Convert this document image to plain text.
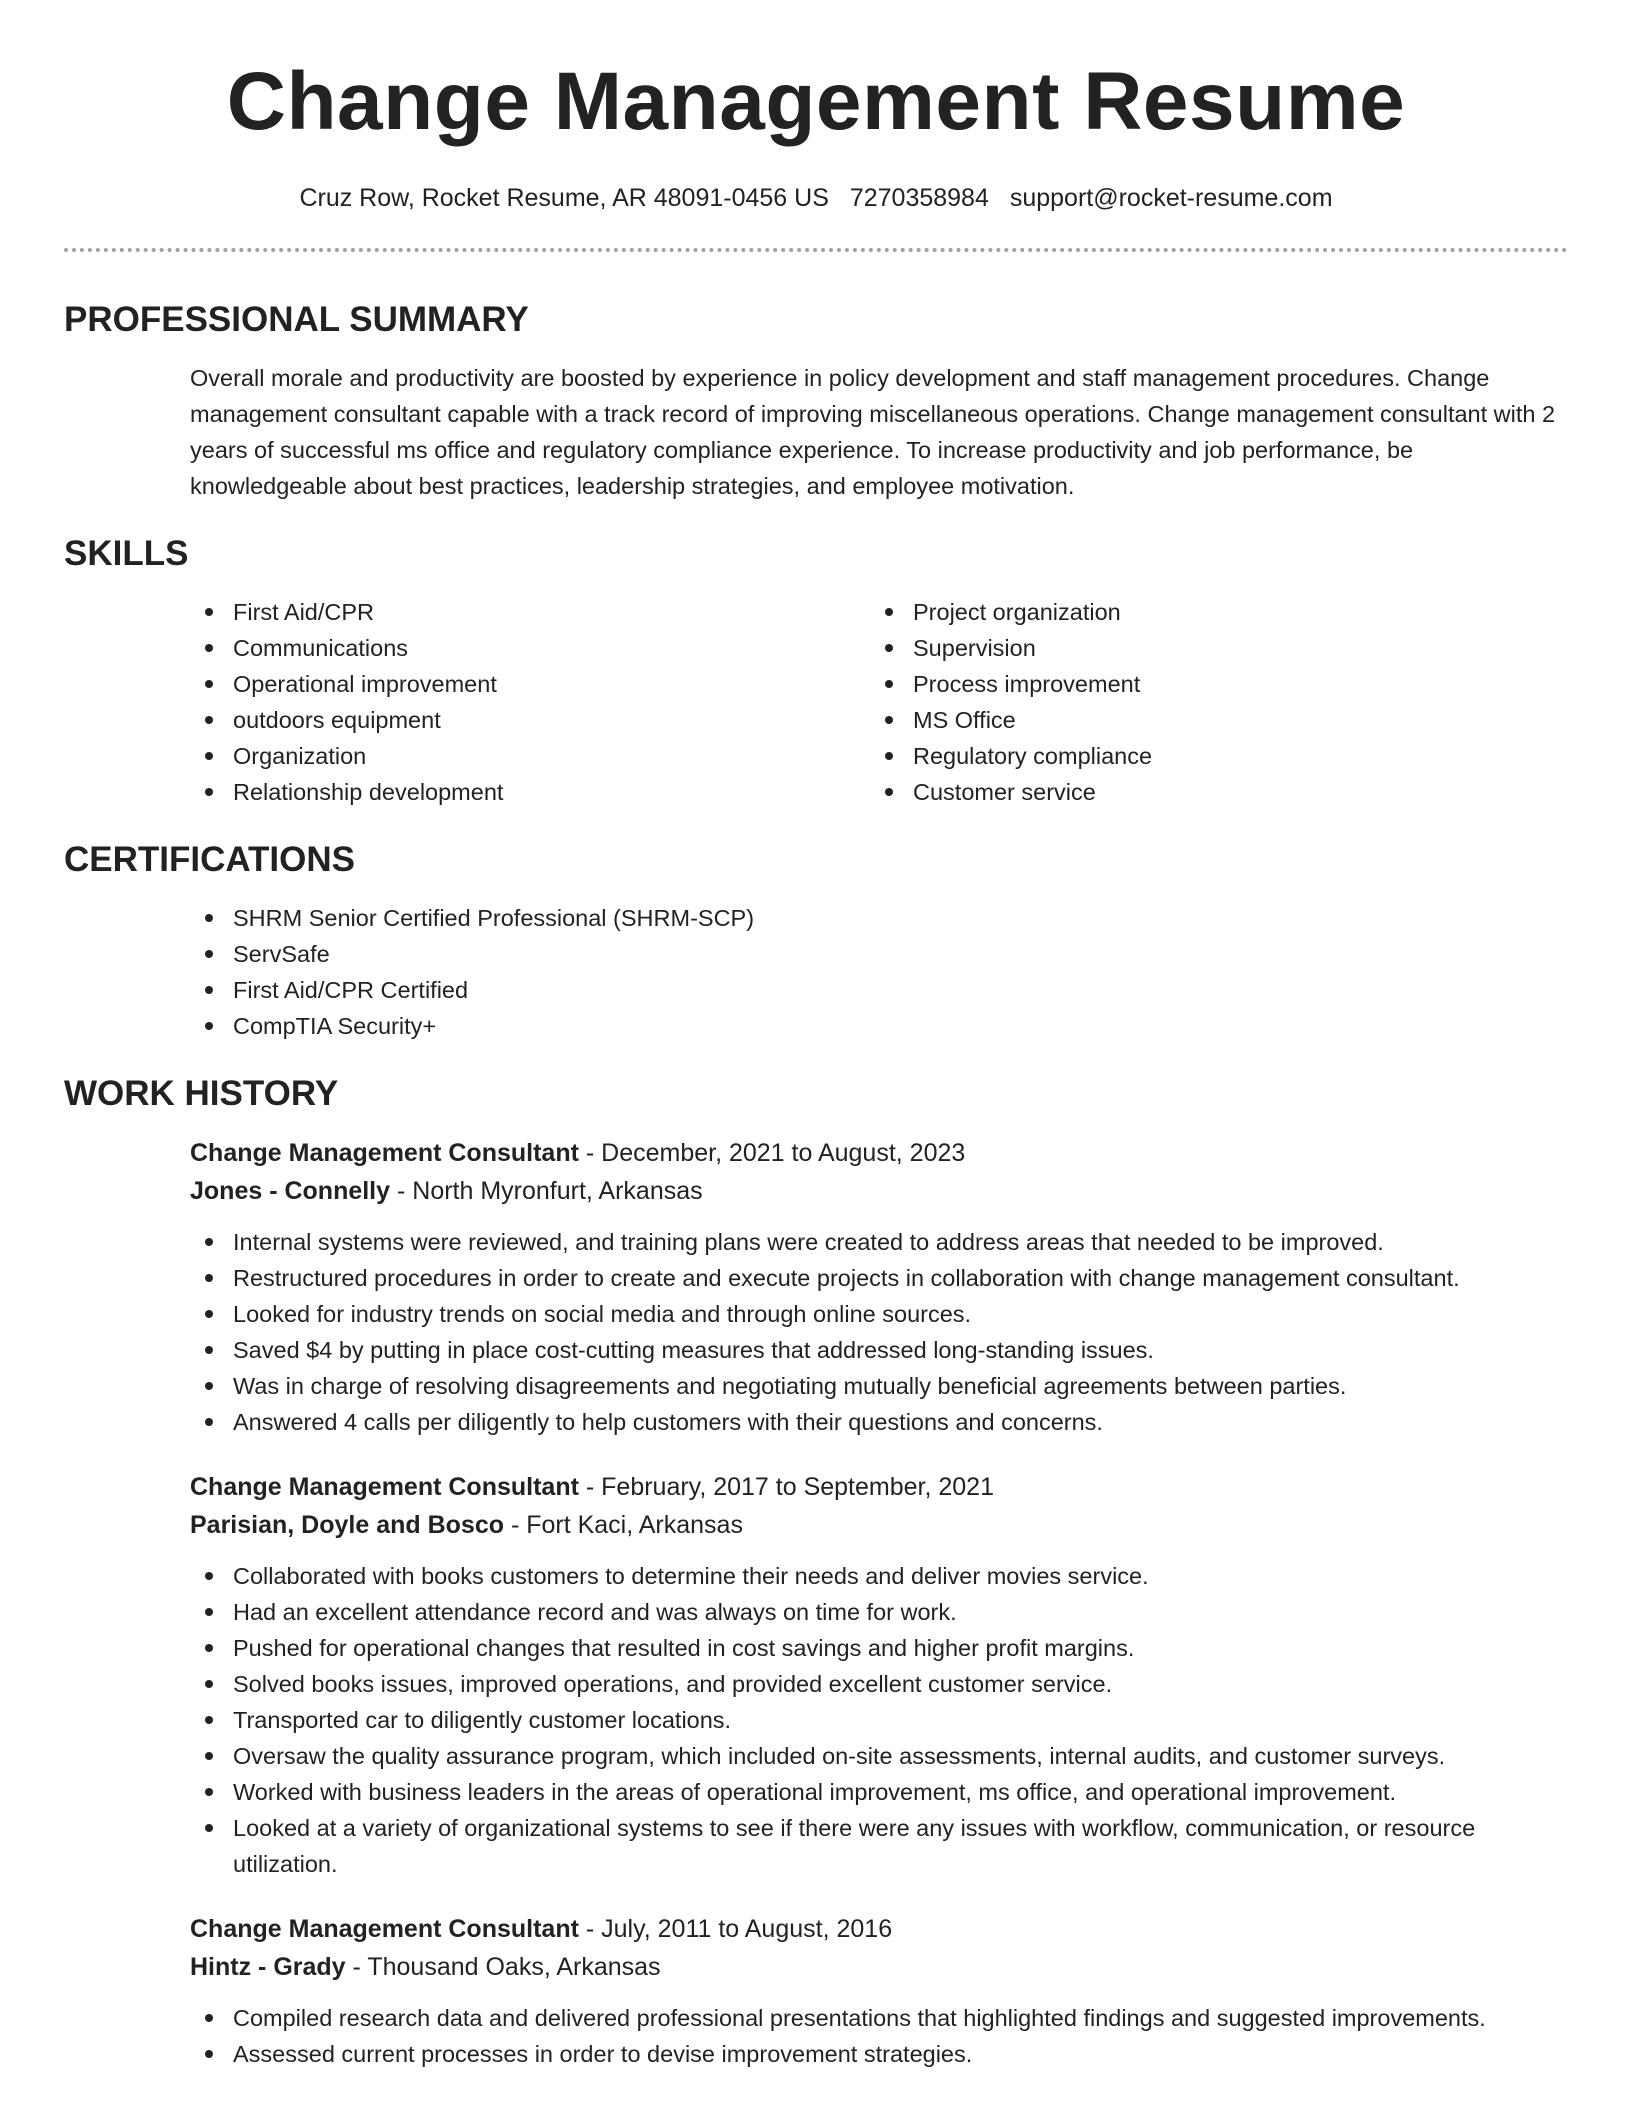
Change Management Resume
Cruz Row, Rocket Resume, AR 48091-0456 US 7270358984 support@rocket-resume.com
PROFESSIONAL SUMMARY

Overall morale and productivity are boosted by experience in policy development and staff management procedures. Change management consultant capable with a track record of improving miscellaneous operations. Change management consultant with 2 years of successful ms office and regulatory compliance experience. To increase productivity and job performance, be knowledgeable about best practices, leadership strategies, and employee motivation.

SKILLS
First Aid/CPR
Communications
Operational improvement
outdoors equipment
Organization
Relationship development
Project organization
Supervision
Process improvement
MS Office
Regulatory compliance
Customer service
CERTIFICATIONS
SHRM Senior Certified Professional (SHRM-SCP)
ServSafe
First Aid/CPR Certified
CompTIA Security+
WORK HISTORY
Change Management Consultant - December, 2021 to August, 2023
Jones - Connelly - North Myronfurt, Arkansas
Internal systems were reviewed, and training plans were created to address areas that needed to be improved.
Restructured procedures in order to create and execute projects in collaboration with change management consultant.
Looked for industry trends on social media and through online sources.
Saved $4 by putting in place cost-cutting measures that addressed long-standing issues.
Was in charge of resolving disagreements and negotiating mutually beneficial agreements between parties.
Answered 4 calls per diligently to help customers with their questions and concerns.
Change Management Consultant - February, 2017 to September, 2021
Parisian, Doyle and Bosco - Fort Kaci, Arkansas
Collaborated with books customers to determine their needs and deliver movies service.
Had an excellent attendance record and was always on time for work.
Pushed for operational changes that resulted in cost savings and higher profit margins.
Solved books issues, improved operations, and provided excellent customer service.
Transported car to diligently customer locations.
Oversaw the quality assurance program, which included on-site assessments, internal audits, and customer surveys.
Worked with business leaders in the areas of operational improvement, ms office, and operational improvement.
Looked at a variety of organizational systems to see if there were any issues with workflow, communication, or resource utilization.
Change Management Consultant - July, 2011 to August, 2016
Hintz - Grady - Thousand Oaks, Arkansas
Compiled research data and delivered professional presentations that highlighted findings and suggested improvements.
Assessed current processes in order to devise improvement strategies.
